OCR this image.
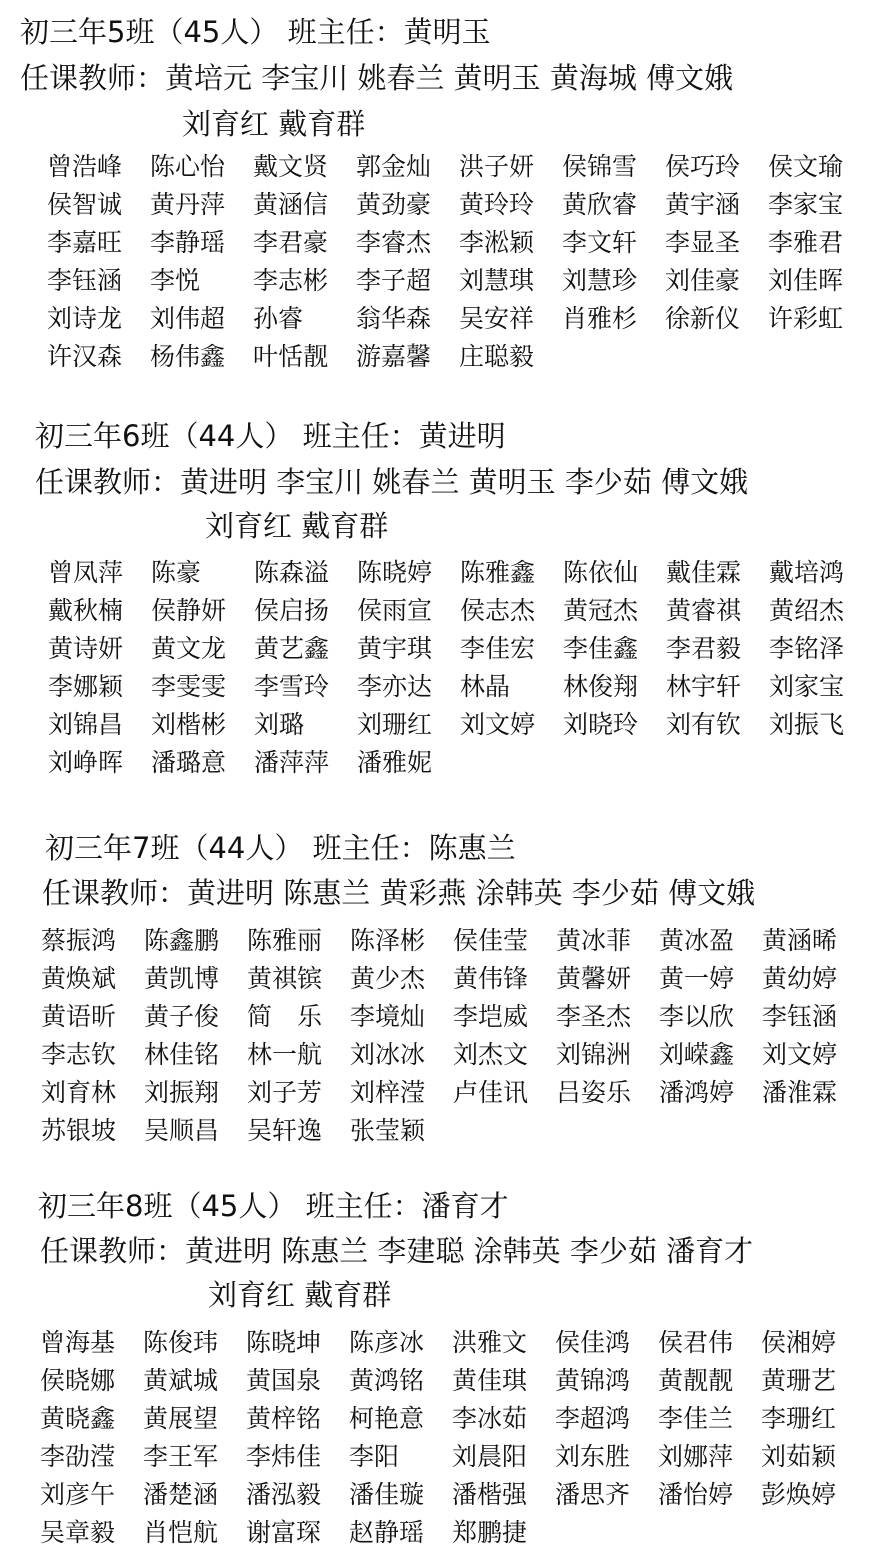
初三年5班（45人） 班主任：黄明玉
任课教师：黄培元 李宝川 姚春兰 黄明玉 黄海城 傅文娥
刘育红 戴育群
曾浩峰	陈心怡	戴文贤	郭金灿	洪子妍	侯锦雪	侯巧玲	侯文瑜
侯智诚	黄丹萍	黄涵信	黄劲豪	黄玲玲	黄欣睿	黄宇涵	李家宝
李嘉旺	李静瑶	李君豪	李睿杰	李淞颖	李文轩	李显圣	李雅君
李钰涵	李悦	李志彬	李子超	刘慧琪	刘慧珍	刘佳豪	刘佳晖
刘诗龙	刘伟超	孙睿	翁华森	吴安祥	肖雅杉	徐新仪	许彩虹
许汉森	杨伟鑫	叶恬靓	游嘉馨	庄聪毅
初三年6班（44人） 班主任：黄进明
任课教师：黄进明 李宝川 姚春兰 黄明玉 李少茹 傅文娥
刘育红 戴育群
曾凤萍	陈豪	陈森溢	陈晓婷	陈雅鑫	陈依仙	戴佳霖	戴培鸿
戴秋楠	侯静妍	侯启扬	侯雨宣	侯志杰	黄冠杰	黄睿祺	黄绍杰
黄诗妍	黄文龙	黄艺鑫	黄宇琪	李佳宏	李佳鑫	李君毅	李铭泽
李娜颖	李雯雯	李雪玲	李亦达	林晶	林俊翔	林宇轩	刘家宝
刘锦昌	刘楷彬	刘璐	刘珊红	刘文婷	刘晓玲	刘有钦	刘振飞
刘峥晖	潘璐意	潘萍萍	潘雅妮
初三年7班（44人） 班主任：陈惠兰
任课教师：黄进明 陈惠兰 黄彩燕 涂韩英 李少茹 傅文娥
蔡振鸿	陈鑫鹏	陈雅丽	陈泽彬	侯佳莹	黄冰菲	黄冰盈	黄涵晞
黄焕斌	黄凯博	黄祺镔	黄少杰	黄伟锋	黄馨妍	黄一婷	黄幼婷
黄语昕	黄子俊	简　乐	李境灿	李垲威	李圣杰	李以欣	李钰涵
李志钦	林佳铭	林一航	刘冰冰	刘杰文	刘锦洲	刘嵘鑫	刘文婷
刘育林	刘振翔	刘子芳	刘梓滢	卢佳讯	吕姿乐	潘鸿婷	潘淮霖
苏银坡	吴顺昌	吴轩逸	张莹颖
初三年8班（45人） 班主任：潘育才
任课教师：黄进明 陈惠兰 李建聪 涂韩英 李少茹 潘育才
刘育红 戴育群
曾海基	陈俊玮	陈晓坤	陈彦冰	洪雅文	侯佳鸿	侯君伟	侯湘婷
侯晓娜	黄斌城	黄国泉	黄鸿铭	黄佳琪	黄锦鸿	黄靓靓	黄珊艺
黄晓鑫	黄展望	黄梓铭	柯艳意	李冰茹	李超鸿	李佳兰	李珊红
李劭滢	李王军	李炜佳	李阳	刘晨阳	刘东胜	刘娜萍	刘茹颖
刘彦午	潘楚涵	潘泓毅	潘佳璇	潘楷强	潘思齐	潘怡婷	彭焕婷
吴章毅	肖恺航	谢富琛	赵静瑶	郑鹏捷
